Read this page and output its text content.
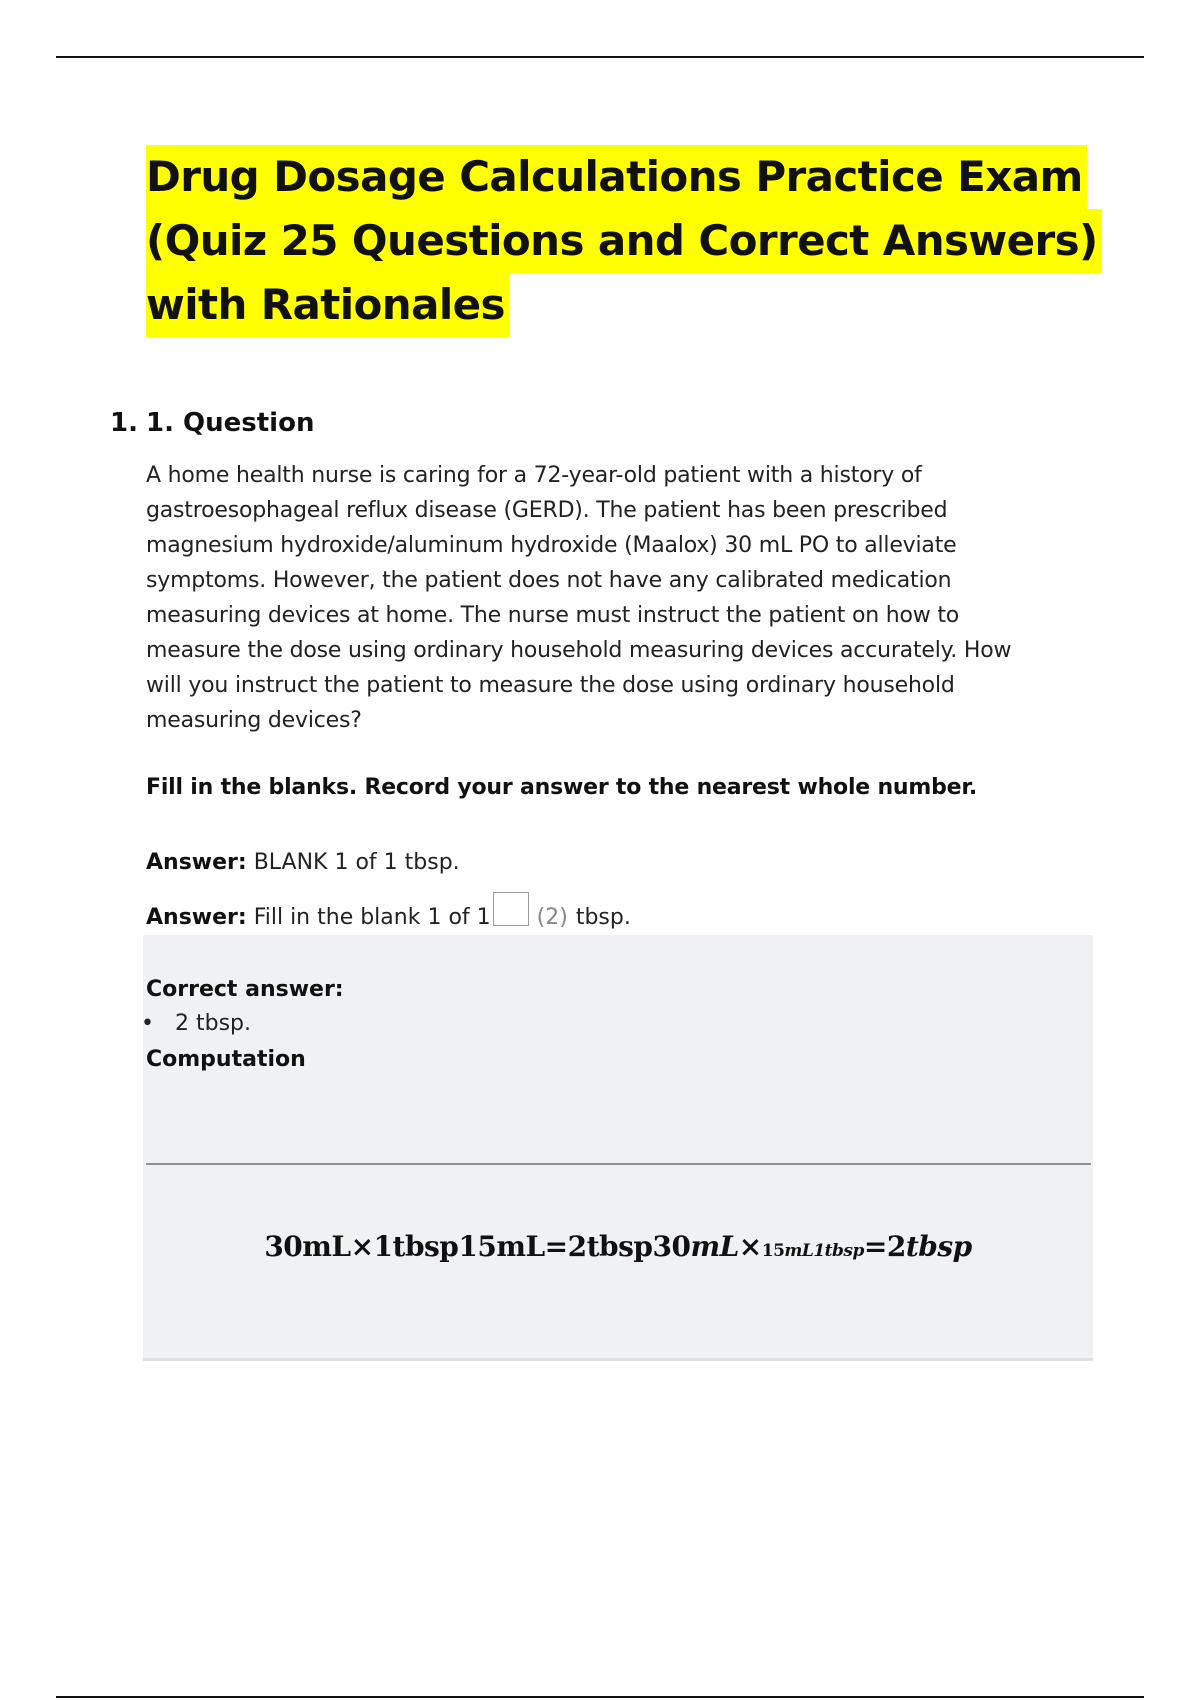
Drug Dosage Calculations Practice Exam
(Quiz 25 Questions and Correct Answers)
with Rationales
1. 1. Question
A home health nurse is caring for a 72-year-old patient with a history of
gastroesophageal reflux disease (GERD). The patient has been prescribed
magnesium hydroxide/aluminum hydroxide (Maalox) 30 mL PO to alleviate
symptoms. However, the patient does not have any calibrated medication
measuring devices at home. The nurse must instruct the patient on how to
measure the dose using ordinary household measuring devices accurately. How
will you instruct the patient to measure the dose using ordinary household
measuring devices?
Fill in the blanks. Record your answer to the nearest whole number.
Answer: BLANK 1 of 1 tbsp.
Answer:
Fill in the blank 1 of 1 (2) tbsp.
Correct answer:
• 2 tbsp.
Computation
30mL×1tbsp15mL=2tbsp30mL×15mL1tbsp=2tbsp
